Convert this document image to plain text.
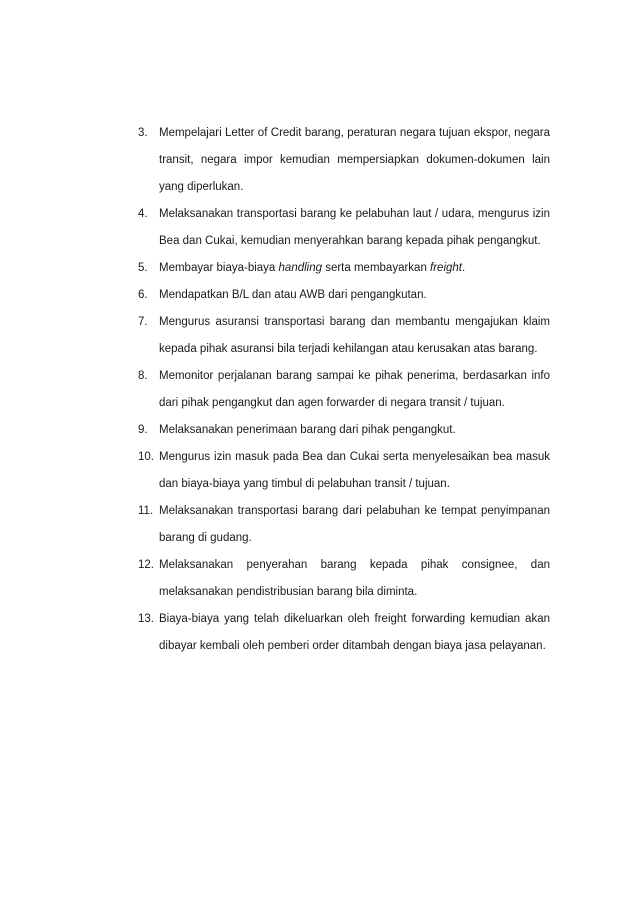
3. Mempelajari Letter of Credit barang, peraturan negara tujuan ekspor, negara transit, negara impor kemudian mempersiapkan dokumen-dokumen lain yang diperlukan.
4. Melaksanakan transportasi barang ke pelabuhan laut / udara, mengurus izin Bea dan Cukai, kemudian menyerahkan barang kepada pihak pengangkut.
5. Membayar biaya-biaya handling serta membayarkan freight.
6. Mendapatkan B/L dan atau AWB dari pengangkutan.
7. Mengurus asuransi transportasi barang dan membantu mengajukan klaim kepada pihak asuransi bila terjadi kehilangan atau kerusakan atas barang.
8. Memonitor perjalanan barang sampai ke pihak penerima, berdasarkan info dari pihak pengangkut dan agen forwarder di negara transit / tujuan.
9. Melaksanakan penerimaan barang dari pihak pengangkut.
10. Mengurus izin masuk pada Bea dan Cukai serta menyelesaikan bea masuk dan biaya-biaya yang timbul di pelabuhan transit / tujuan.
11. Melaksanakan transportasi barang dari pelabuhan ke tempat penyimpanan barang di gudang.
12. Melaksanakan penyerahan barang kepada pihak consignee, dan melaksanakan pendistribusian barang bila diminta.
13. Biaya-biaya yang telah dikeluarkan oleh freight forwarding kemudian akan dibayar kembali oleh pemberi order ditambah dengan biaya jasa pelayanan.
